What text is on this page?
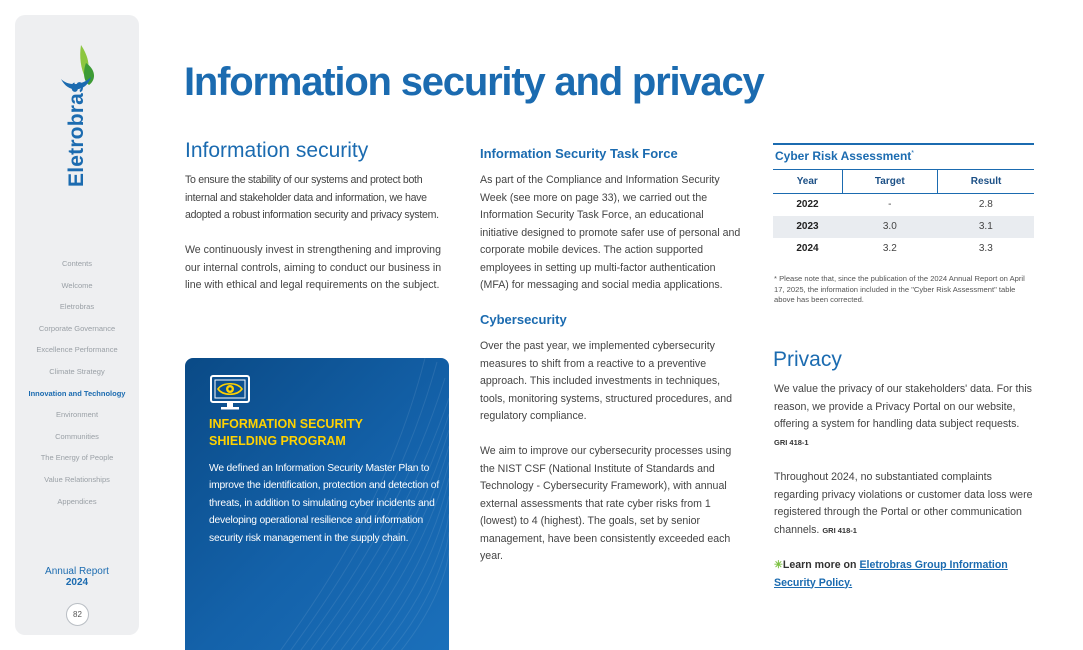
Eletrobras
Contents
Welcome
Eletrobras
Corporate Governance
Excellence Performance
Climate Strategy
Innovation and Technology
Environment
Communities
The Energy of People
Value Relationships
Appendices
Annual Report
2024
82
Information security and privacy
Information security
To ensure the stability of our systems and protect both internal and stakeholder data and information, we have adopted a robust information security and privacy system.
We continuously invest in strengthening and improving our internal controls, aiming to conduct our business in line with ethical and legal requirements on the subject.
INFORMATION SECURITY
SHIELDING PROGRAM
We defined an Information Security Master Plan to improve the identification, protection and detection of threats, in addition to simulating cyber incidents and developing operational resilience and information security risk management in the supply chain.
Information Security Task Force
As part of the Compliance and Information Security Week (see more on page 33), we carried out the Information Security Task Force, an educational initiative designed to promote safer use of personal and corporate mobile devices. The action supported employees in setting up multi-factor authentication (MFA) for messaging and social media applications.
Cybersecurity
Over the past year, we implemented cybersecurity measures to shift from a reactive to a preventive approach. This included investments in techniques, tools, monitoring systems, structured procedures, and regulatory compliance.
We aim to improve our cybersecurity processes using the NIST CSF (National Institute of Standards and Technology - Cybersecurity Framework), with annual external assessments that rate cyber risks from 1 (lowest) to 4 (highest). The goals, set by senior management, have been consistently exceeded each year.
Year	Target	Result
2022	-	2.8
2023	3.0	3.1
2024	3.2	3.3
Cyber Risk Assessment*
* Please note that, since the publication of the 2024 Annual Report on April 17, 2025, the information included in the "Cyber Risk Assessment" table above has been corrected.
Privacy
We value the privacy of our stakeholders' data. For this reason, we provide a Privacy Portal on our website, offering a system for handling data subject requests. GRI 418-1
Throughout 2024, no substantiated complaints regarding privacy violations or customer data loss were registered through the Portal or other communication channels. GRI 418-1
✳Learn more on Eletrobras Group Information Security Policy.
